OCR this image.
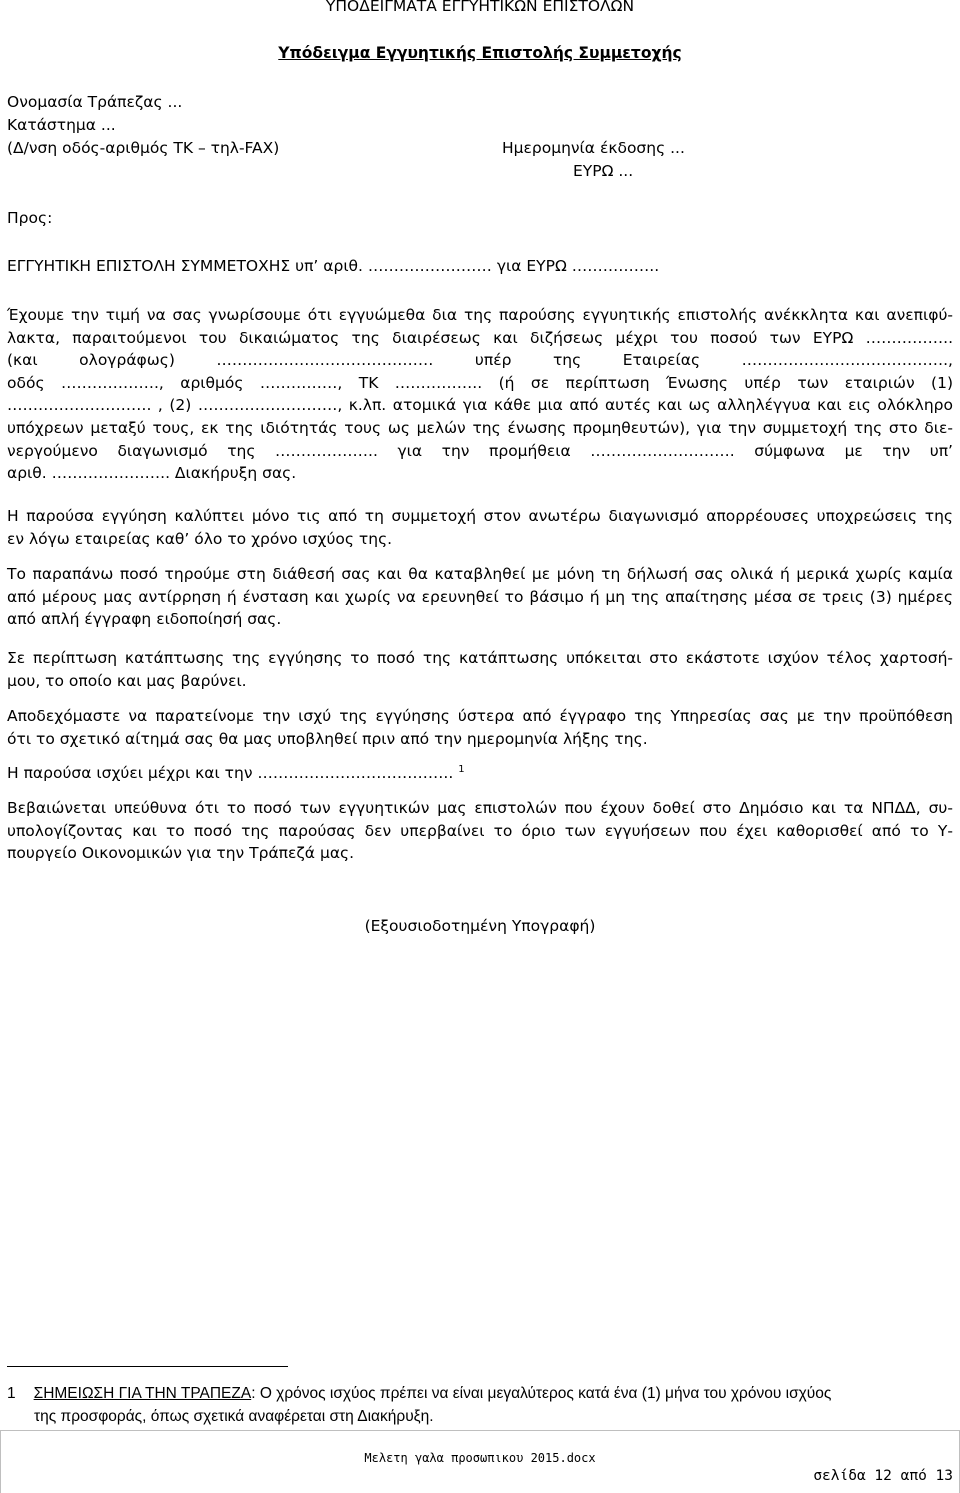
ΥΠΟΔΕΙΓΜΑΤΑ ΕΓΓΥΗΤΙΚΩΝ ΕΠΙΣΤΟΛΩΝ
Υπόδειγμα Εγγυητικής Επιστολής Συμμετοχής
Ονομασία Τράπεζας ...
Κατάστημα ...
(Δ/νση οδός-αριθμός ΤΚ – τηλ-FAX)	Ημερομηνία έκδοσης ...
ΕΥΡΩ ...
Προς:
ΕΓΓΥΗΤΙΚΗ ΕΠΙΣΤΟΛΗ ΣΥΜΜΕΤΟΧΗΣ υπ’ αριθ. …………………… για ΕΥΡΩ ……………..
Έχουμε την τιμή να σας γνωρίσουμε ότι εγγυώμεθα δια της παρούσης εγγυητικής επιστολής ανέκκλητα και ανεπιφύ-
λακτα, παραιτούμενοι του δικαιώματος της διαιρέσεως και διζήσεως μέχρι του ποσού των ΕΥΡΩ ……………..
(και ολογράφως) …………………………………… υπέρ της Εταιρείας ………………………………….,
οδός ………………., αριθμός ……………, ΤΚ …………….. (ή σε περίπτωση Ένωσης υπέρ των εταιριών (1)
………………………. , (2) ………………………, κ.λπ. ατομικά για κάθε μια από αυτές και ως αλληλέγγυα και εις ολόκληρο
υπόχρεων μεταξύ τους, εκ της ιδιότητάς τους ως μελών της ένωσης προμηθευτών), για την συμμετοχή της στο διε-
νεργούμενο διαγωνισμό της ……………….. για την προμήθεια ………………………. σύμφωνα με την υπ’
αριθ. ………………….. Διακήρυξη σας.
Η παρούσα εγγύηση καλύπτει μόνο τις από τη συμμετοχή στον ανωτέρω διαγωνισμό απορρέουσες υποχρεώσεις της
εν λόγω εταιρείας καθ’ όλο το χρόνο ισχύος της.
Το παραπάνω ποσό τηρούμε στη διάθεσή σας και θα καταβληθεί με μόνη τη δήλωσή σας ολικά ή μερικά χωρίς καμία
από μέρους μας αντίρρηση ή ένσταση και χωρίς να ερευνηθεί το βάσιμο ή μη της απαίτησης μέσα σε τρεις (3) ημέρες
από απλή έγγραφη ειδοποίησή σας.
Σε περίπτωση κατάπτωσης της εγγύησης το ποσό της κατάπτωσης υπόκειται στο εκάστοτε ισχύον τέλος χαρτοσή-
μου, το οποίο και μας βαρύνει.
Αποδεχόμαστε να παρατείνομε την ισχύ της εγγύησης ύστερα από έγγραφο της Υπηρεσίας σας με την προϋπόθεση
ότι το σχετικό αίτημά σας θα μας υποβληθεί πριν από την ημερομηνία λήξης της.
Η παρούσα ισχύει μέχρι και την ……………………………….. $^1$
Βεβαιώνεται υπεύθυνα ότι το ποσό των εγγυητικών μας επιστολών που έχουν δοθεί στο Δημόσιο και τα ΝΠΔΔ, συ-
υπολογίζοντας και το ποσό της παρούσας δεν υπερβαίνει το όριο των εγγυήσεων που έχει καθορισθεί από το Υ-
πουργείο Οικονομικών για την Τράπεζά μας.
(Εξουσιοδοτημένη Υπογραφή)
1 ΣΗΜΕΙΩΣΗ ΓΙΑ ΤΗΝ ΤΡΑΠΕΖΑ: Ο χρόνος ισχύος πρέπει να είναι μεγαλύτερος κατά ένα (1) μήνα του χρόνου ισχύος
της προσφοράς, όπως σχετικά αναφέρεται στη Διακήρυξη.
Μελετη γαλα προσωπικου 2015.docx
σελίδα 12 από 13
